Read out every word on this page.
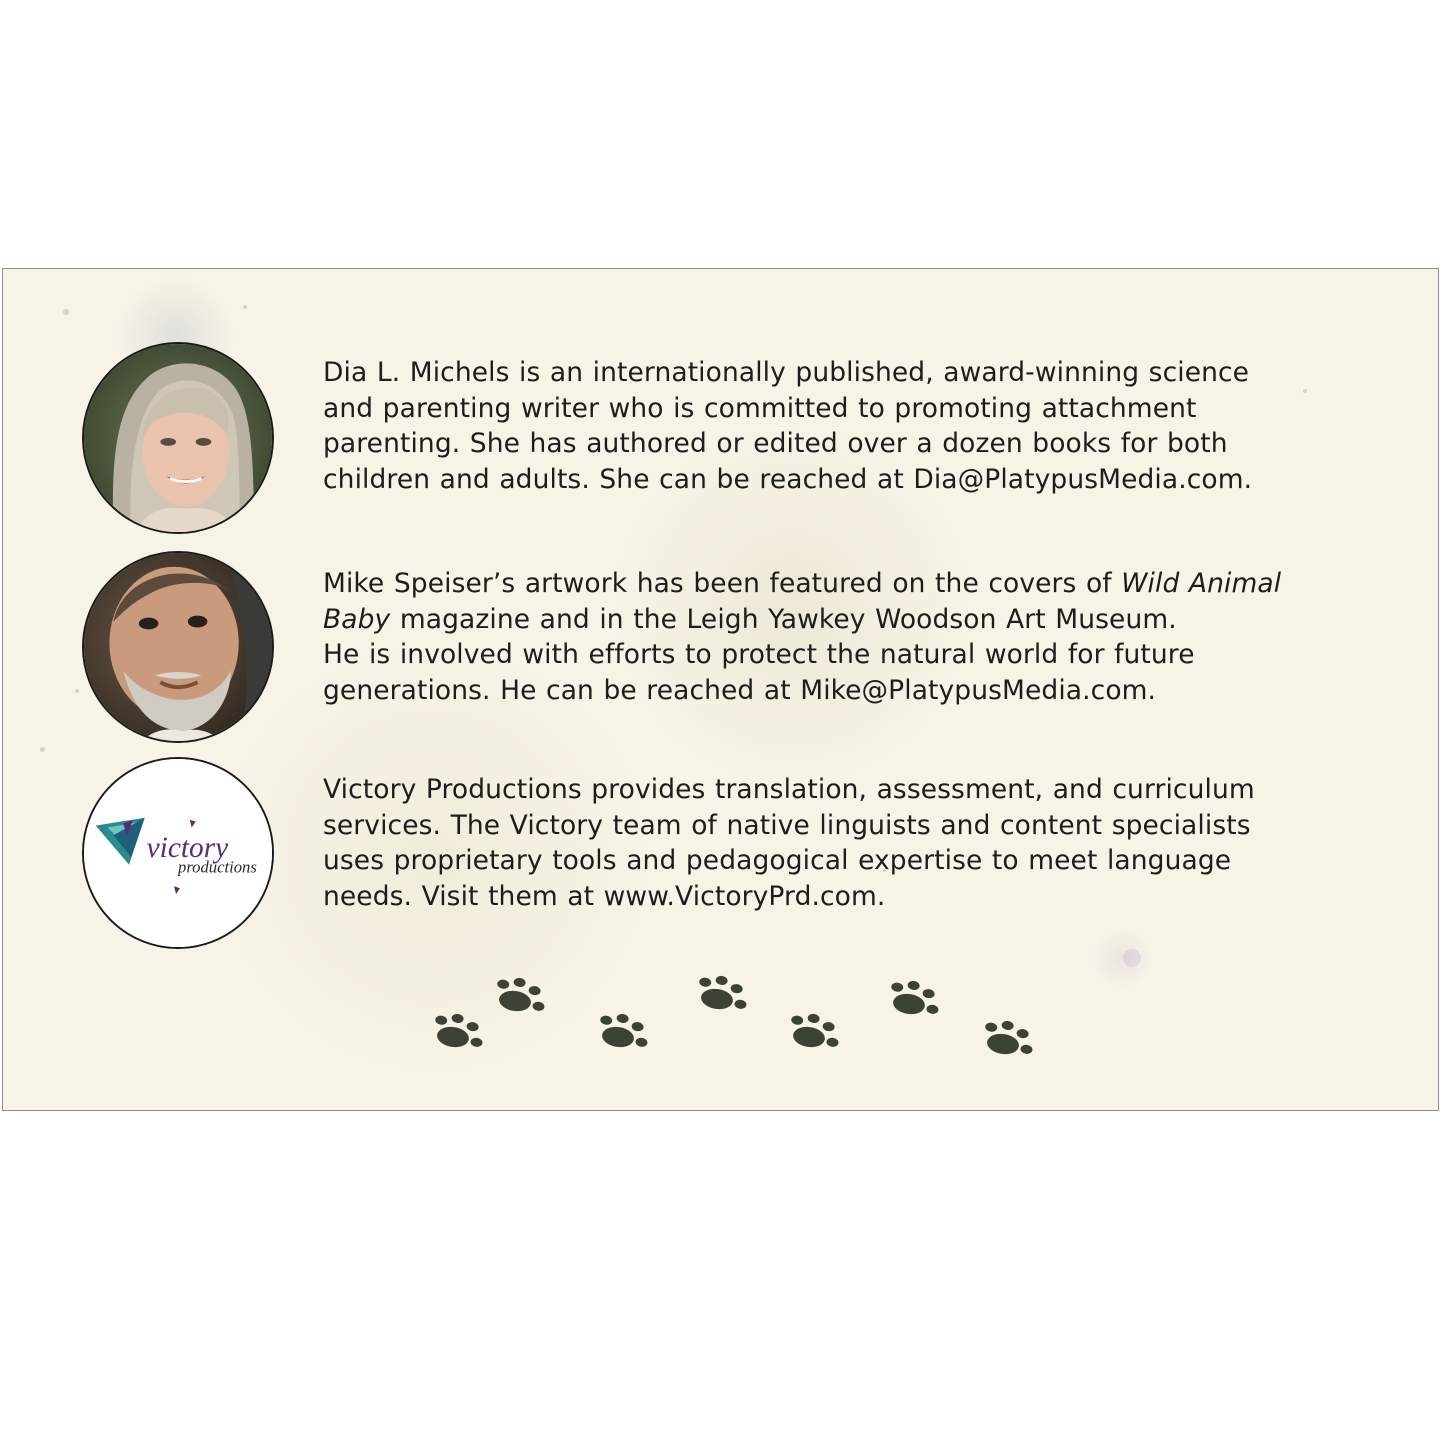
Dia L. Michels is an internationally published, award-winning science
and parenting writer who is committed to promoting attachment
parenting. She has authored or edited over a dozen books for both
children and adults. She can be reached at Dia@PlatypusMedia.com.

Mike Speiser’s artwork has been featured on the covers of Wild Animal
Baby magazine and in the Leigh Yawkey Woodson Art Museum.
He is involved with efforts to protect the natural world for future
generations. He can be reached at Mike@PlatypusMedia.com.

victory
productions

Victory Productions provides translation, assessment, and curriculum
services. The Victory team of native linguists and content specialists
uses proprietary tools and pedagogical expertise to meet language
needs. Visit them at www.VictoryPrd.com.
